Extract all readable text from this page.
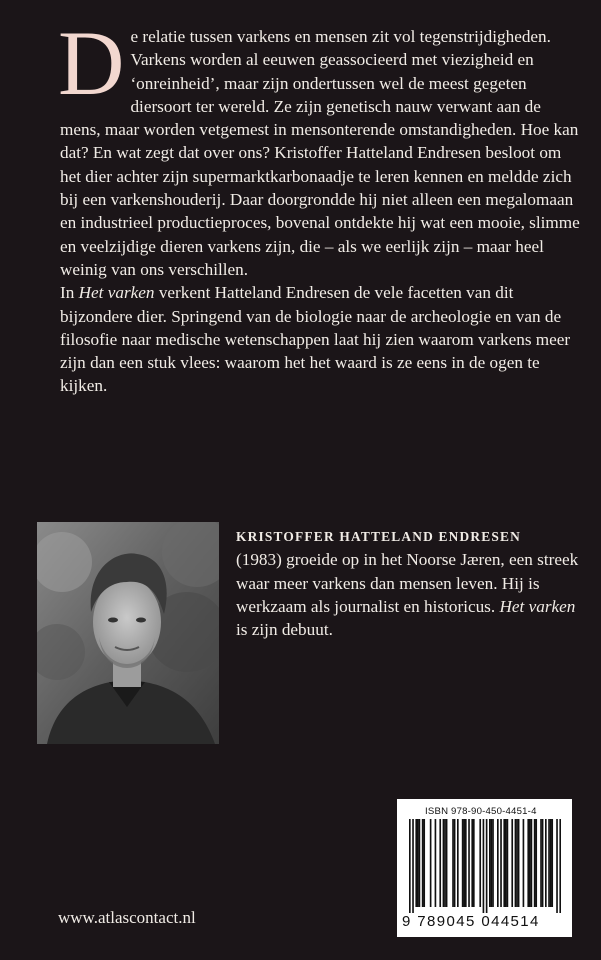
De relatie tussen varkens en mensen zit vol tegenstrijdigheden. Varkens worden al eeuwen geassocieerd met viezigheid en ‘onreinheid’, maar zijn ondertussen wel de meest gegeten diersoort ter wereld. Ze zijn genetisch nauw verwant aan de mens, maar worden vetgemest in mensonterende omstandigheden. Hoe kan dat? En wat zegt dat over ons? Kristoffer Hatteland Endresen besloot om het dier achter zijn supermarktkarbonaadje te leren kennen en meldde zich bij een varkenshouderij. Daar doorgrondde hij niet alleen een megalomaan en industrieel productieproces, bovenal ontdekte hij wat een mooie, slimme en veelzijdige dieren varkens zijn, die – als we eerlijk zijn – maar heel weinig van ons verschillen.

In Het varken verkent Hatteland Endresen de vele facetten van dit bijzondere dier. Springend van de biologie naar de archeologie en van de filosofie naar medische wetenschappen laat hij zien waarom varkens meer zijn dan een stuk vlees: waarom het het waard is ze eens in de ogen te kijken.

KRISTOFFER HATTELAND ENDRESEN
(1983) groeide op in het Noorse Jæren, een streek waar meer varkens dan mensen leven. Hij is werkzaam als journalist en historicus. Het varken is zijn debuut.
ISBN 978-90-450-4451-4
9 789045 044514
www.atlascontact.nl
